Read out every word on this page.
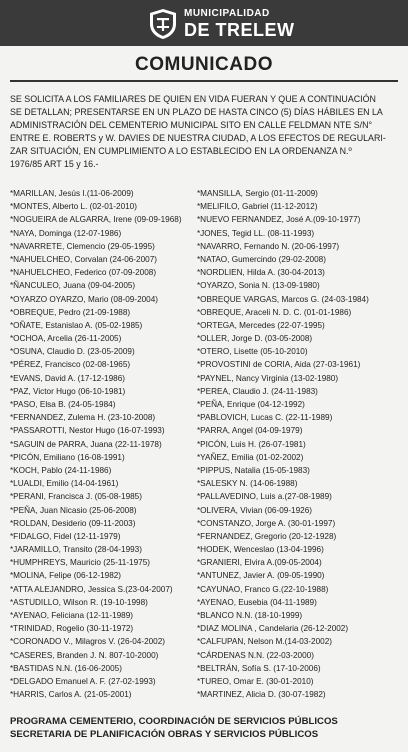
MUNICIPALIDAD
DE TRELEW
COMUNICADO

SE SOLICITA A LOS FAMILIARES DE QUIEN EN VIDA FUERAN Y QUE A CONTINUACIÓN

SE DETALLAN; PRESENTARSE EN UN PLAZO DE HASTA CINCO (5) DÍAS HÁBILES EN LA

ADMINISTRACIÓN DEL CEMENTERIO MUNICIPAL SITO EN CALLE FELDMAN NTE S/N°

ENTRE E. ROBERTS y W. DAVIES DE NUESTRA CIUDAD, A LOS EFECTOS DE REGULARI-

ZAR SITUACIÓN, EN CUMPLIMIENTO A LO ESTABLECIDO EN LA ORDENANZA N.º

1976/85 ART 15 y 16.-

*MARILLAN, Jesús I.(11-06-2009)	*MANSILLA, Sergio (01-11-2009)
*MONTES, Alberto L. (02-01-2010)	*MELIFILO, Gabriel (11-12-2012)
*NOGUEIRA de ALGARRA, Irene (09-09-1968)	*NUEVO FERNANDEZ, José A.(09-10-1977)
*NAYA, Dominga (12-07-1986)	*JONES, Tegid LL. (08-11-1993)
*NAVARRETE, Clemencio (29-05-1995)	*NAVARRO, Fernando N. (20-06-1997)
*NAHUELCHEO, Corvalan (24-06-2007)	*NATAO, Gumercindo (29-02-2008)
*NAHUELCHEO, Federico (07-09-2008)	*NORDLIEN, Hilda A. (30-04-2013)
*ÑANCULEO, Juana (09-04-2005)	*OYARZO, Sonia N. (13-09-1980)
*OYARZO OYARZO, Mario (08-09-2004)	*OBREQUE VARGAS, Marcos G. (24-03-1984)
*OBREQUE, Pedro (21-09-1988)	*OBREQUE, Araceli N. D. C. (01-01-1986)
*OÑATE, Estanislao A. (05-02-1985)	*ORTEGA, Mercedes (22-07-1995)
*OCHOA, Arcelia (26-11-2005)	*OLLER, Jorge D. (03-05-2008)
*OSUNA, Claudio D. (23-05-2009)	*OTERO, Lisette (05-10-2010)
*PÉREZ, Francisco (02-08-1965)	*PROVOSTINI de CORIA, Aida (27-03-1961)
*EVANS, David A. (17-12-1986)	*PAYNEL, Nancy Virginia (13-02-1980)
*PAZ, Victor Hugo (06-10-1981)	*PEREA, Claudio J. (24-11-1983)
*PASO, Elsa B. (24-05-1984)	*PEÑA, Enrique (04-12-1992)
*FERNANDEZ, Zulema H. (23-10-2008)	*PABLOVICH, Lucas C. (22-11-1989)
*PASSAROTTI, Nestor Hugo (16-07-1993)	*PARRA, Angel (04-09-1979)
*SAGUIN de PARRA, Juana (22-11-1978)	*PICÓN, Luis H. (26-07-1981)
*PICÓN, Emiliano (16-08-1991)	*YAÑEZ, Emilia (01-02-2002)
*KOCH, Pablo (24-11-1986)	*PIPPUS, Natalia (15-05-1983)
*LUALDI, Emilio (14-04-1961)	*SALESKY N. (14-06-1988)
*PERANI, Francisca J. (05-08-1985)	*PALLAVEDINO, Luis a.(27-08-1989)
*PEÑA, Juan Nicasio (25-06-2008)	*OLIVERA, Vivian (06-09-1926)
*ROLDAN, Desiderio (09-11-2003)	*CONSTANZO, Jorge A. (30-01-1997)
*FIDALGO, Fidel (12-11-1979)	*FERNANDEZ, Gregorio (20-12-1928)
*JARAMILLO, Transito (28-04-1993)	*HODEK, Wenceslao (13-04-1996)
*HUMPHREYS, Mauricio (25-11-1975)	*GRANIERI, Elvira A.(09-05-2004)
*MOLINA, Felipe (06-12-1982)	*ANTUNEZ, Javier A. (09-05-1990)
*ATTA ALEJANDRO, Jessica S.(23-04-2007)	*CAYUNAO, Franco G.(22-10-1988)
*ASTUDILLO, Wilson R. (19-10-1998)	*AYENAO, Eusebia (04-11-1989)
*AYENAO, Feliciana (12-11-1989)	*BLANCO N.N. (18-10-1999)
*TRINIDAD, Rogelio (30-11-1972)	*DIAZ MOLINA , Candelaria (26-12-2002)
*CORONADO V., Milagros V. (26-04-2002)	*CALFUPAN, Nelson M.(14-03-2002)
*CASERES, Branden J. N. 807-10-2000)	*CÁRDENAS N.N. (22-03-2000)
*BASTIDAS N.N. (16-06-2005)	*BELTRÁN, Sofía S. (17-10-2006)
*DELGADO Emanuel A. F. (27-02-1993)	*TUREO, Omar E. (30-01-2010)
*HARRIS, Carlos A. (21-05-2001)	*MARTINEZ, Alicia D. (30-07-1982)
PROGRAMA CEMENTERIO, COORDINACIÓN DE SERVICIOS PÚBLICOS
SECRETARIA DE PLANIFICACIÓN OBRAS Y SERVICIOS PÚBLICOS
